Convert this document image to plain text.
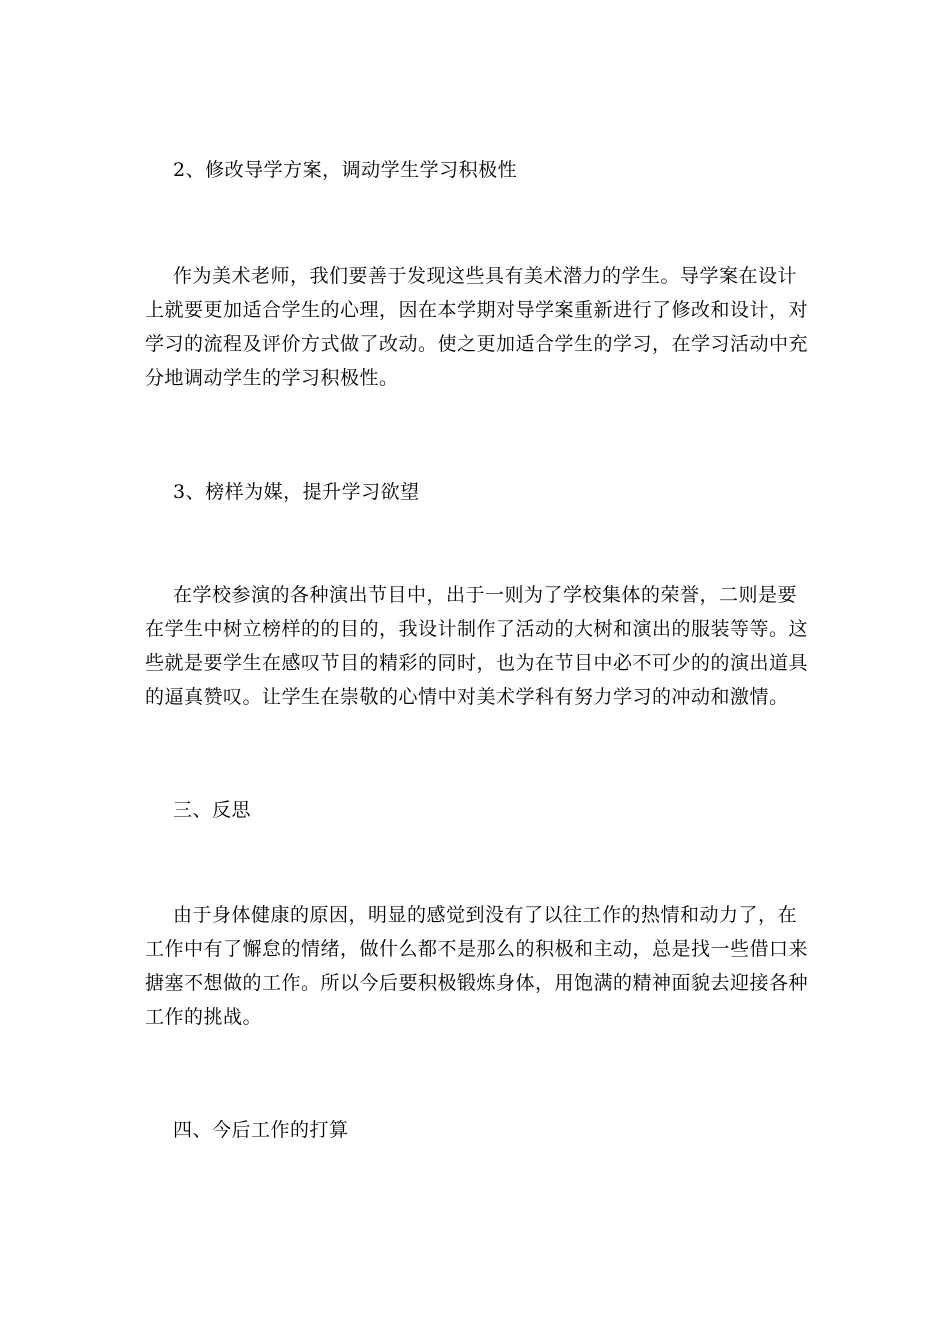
2、修改导学方案，调动学生学习积极性

作为美术老师，我们要善于发现这些具有美术潜力的学生。导学案在设计上就要更加适合学生的心理，因在本学期对导学案重新进行了修改和设计，对学习的流程及评价方式做了改动。使之更加适合学生的学习，在学习活动中充分地调动学生的学习积极性。

3、榜样为媒，提升学习欲望

在学校参演的各种演出节目中，出于一则为了学校集体的荣誉，二则是要在学生中树立榜样的的目的，我设计制作了活动的大树和演出的服装等等。这些就是要学生在感叹节目的精彩的同时，也为在节目中必不可少的的演出道具的逼真赞叹。让学生在崇敬的心情中对美术学科有努力学习的冲动和激情。

三、反思

由于身体健康的原因，明显的感觉到没有了以往工作的热情和动力了，在工作中有了懈怠的情绪，做什么都不是那么的积极和主动，总是找一些借口来搪塞不想做的工作。所以今后要积极锻炼身体，用饱满的精神面貌去迎接各种工作的挑战。

四、今后工作的打算
